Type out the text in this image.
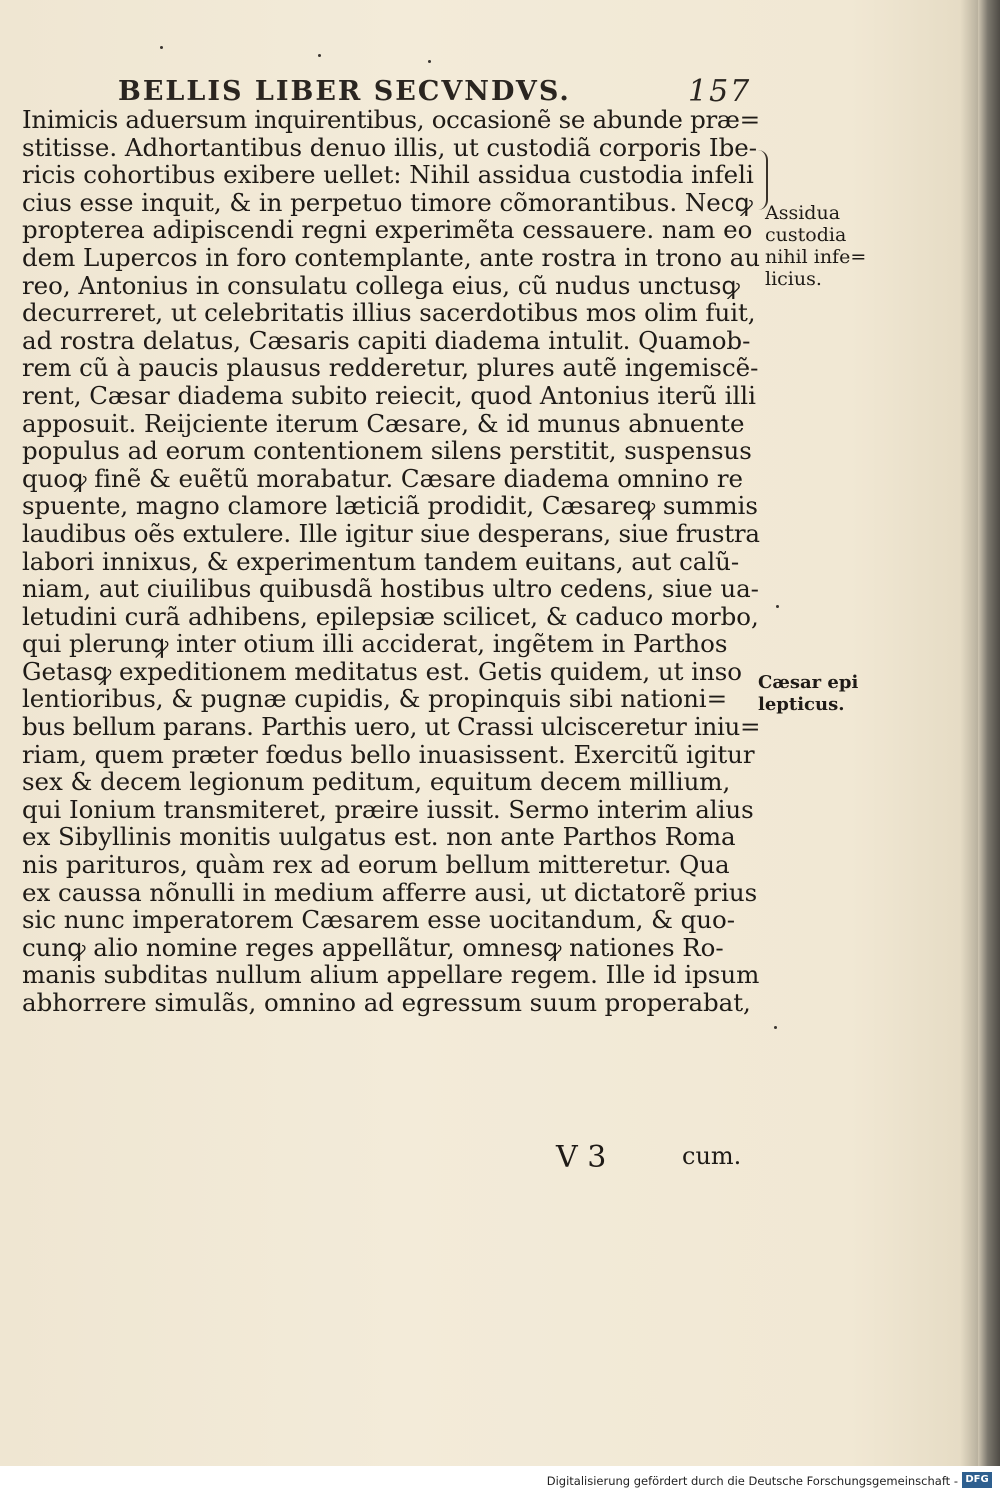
BELLIS LIBER SECVNDVS.	157
Inimicis aduersum inquirentibus, occasionẽ se abunde præ=
stitisse. Adhortantibus denuo illis, ut custodiã corporis Ibe-
ricis cohortibus exibere uellet: Nihil assidua custodia infeli
cius esse inquit, & in perpetuo timore cõmorantibus. Necꝙ
propterea adipiscendi regni experimẽta cessauere. nam eo
dem Lupercos in foro contemplante, ante rostra in trono au
reo, Antonius in consulatu collega eius, cũ nudus unctusꝙ
decurreret, ut celebritatis illius sacerdotibus mos olim fuit,
ad rostra delatus, Cæsaris capiti diadema intulit. Quamob-
rem cũ à paucis plausus redderetur, plures autẽ ingemiscẽ-
rent, Cæsar diadema subito reiecit, quod Antonius iterũ illi
apposuit. Reijciente iterum Cæsare, & id munus abnuente
populus ad eorum contentionem silens perstitit, suspensus
quoꝙ finẽ & euẽtũ morabatur. Cæsare diadema omnino re
spuente, magno clamore læticiã prodidit, Cæsareꝙ summis
laudibus oẽs extulere. Ille igitur siue desperans, siue frustra
labori innixus, & experimentum tandem euitans, aut calũ-
niam, aut ciuilibus quibusdã hostibus ultro cedens, siue ua-
letudini curã adhibens, epilepsiæ scilicet, & caduco morbo,
qui plerunꝙ inter otium illi acciderat, ingẽtem in Parthos
Getasꝙ expeditionem meditatus est. Getis quidem, ut inso
lentioribus, & pugnæ cupidis, & propinquis sibi nationi=
bus bellum parans. Parthis uero, ut Crassi ulcisceretur iniu=
riam, quem præter fœdus bello inuasissent. Exercitũ igitur
sex & decem legionum peditum, equitum decem millium,
qui Ionium transmiteret, præire iussit. Sermo interim alius
ex Sibyllinis monitis uulgatus est. non ante Parthos Roma
nis parituros, quàm rex ad eorum bellum mitteretur. Qua
ex caussa nõnulli in medium afferre ausi, ut dictatorẽ prius
sic nunc imperatorem Cæsarem esse uocitandum, & quo-
cunꝙ alio nomine reges appellãtur, omnesꝙ nationes Ro-
manis subditas nullum alium appellare regem. Ille id ipsum
abhorrere simulãs, omnino ad egressum suum properabat,
Assidua
custodia
nihil infe=
licius.
Cæsar epi
lepticus.
V 3	cum.
Digitalisierung gefördert durch die Deutsche Forschungsgemeinschaft - DFG
